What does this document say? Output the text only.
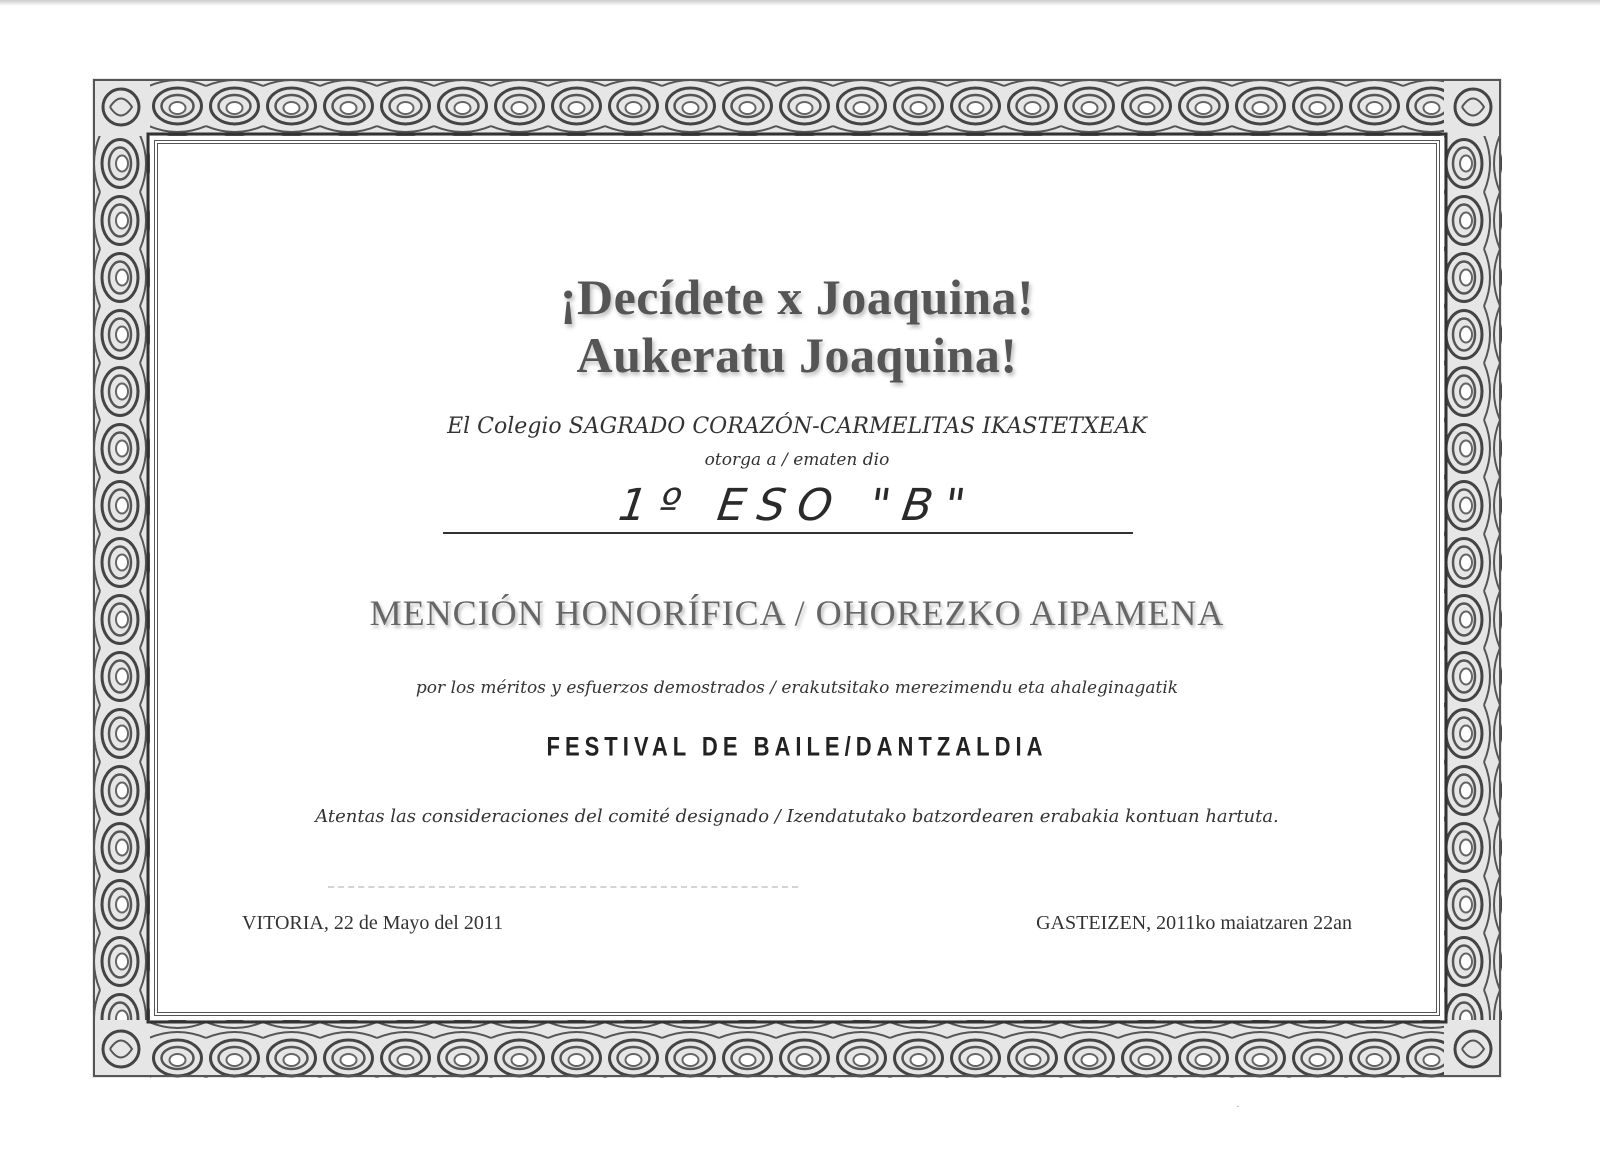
¡Decídete x Joaquina!
Aukeratu Joaquina!
El Colegio SAGRADO CORAZÓN-CARMELITAS IKASTETXEAK
otorga a / ematen dio
1º ESO "B"
MENCIÓN HONORÍFICA / OHOREZKO AIPAMENA
por los méritos y esfuerzos demostrados / erakutsitako merezimendu eta ahaleginagatik
FESTIVAL DE BAILE/DANTZALDIA
Atentas las consideraciones del comité designado / Izendatutako batzordearen erabakia kontuan hartuta.
VITORIA, 22 de Mayo del 2011	GASTEIZEN, 2011ko maiatzaren 22an
·
